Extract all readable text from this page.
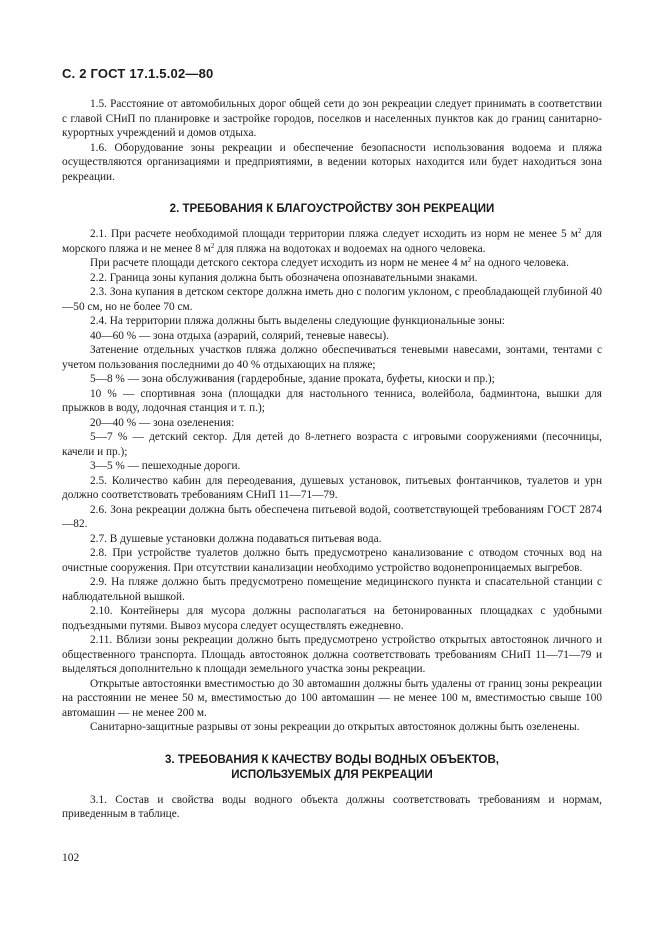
С. 2 ГОСТ 17.1.5.02—80

1.5. Расстояние от автомобильных дорог общей сети до зон рекреации следует принимать в соответствии с главой СНиП по планировке и застройке городов, поселков и населенных пунктов как до границ санитарно-курортных учреждений и домов отдыха.

1.6. Оборудование зоны рекреации и обеспечение безопасности использования водоема и пляжа осуществляются организациями и предприятиями, в ведении которых находится или будет находиться зона рекреации.

2. ТРЕБОВАНИЯ К БЛАГОУСТРОЙСТВУ ЗОН РЕКРЕАЦИИ

2.1. При расчете необходимой площади территории пляжа следует исходить из норм не менее 5 $м^2$ для морского пляжа и не менее 8 $м^2$ для пляжа на водотоках и водоемах на одного человека.

При расчете площади детского сектора следует исходить из норм не менее 4 $м^2$ на одного человека.

2.2. Граница зоны купания должна быть обозначена опознавательными знаками.

2.3. Зона купания в детском секторе должна иметь дно с пологим уклоном, с преобладающей глубиной 40—50 см, но не более 70 см.

2.4. На территории пляжа должны быть выделены следующие функциональные зоны:

40—60 % — зона отдыха (аэрарий, солярий, теневые навесы).

Затенение отдельных участков пляжа должно обеспечиваться теневыми навесами, зонтами, тентами с учетом пользования последними до 40 % отдыхающих на пляже;

5—8 % — зона обслуживания (гардеробные, здание проката, буфеты, киоски и пр.);

10 % — спортивная зона (площадки для настольного тенниса, волейбола, бадминтона, вышки для прыжков в воду, лодочная станция и т. п.);

20—40 % — зона озеленения:

5—7 % — детский сектор. Для детей до 8-летнего возраста с игровыми сооружениями (песочницы, качели и пр.);

3—5 % — пешеходные дороги.

2.5. Количество кабин для переодевания, душевых установок, питьевых фонтанчиков, туалетов и урн должно соответствовать требованиям СНиП 11—71—79.

2.6. Зона рекреации должна быть обеспечена питьевой водой, соответствующей требованиям ГОСТ 2874—82.

2.7. В душевые установки должна подаваться питьевая вода.

2.8. При устройстве туалетов должно быть предусмотрено канализование с отводом сточных вод на очистные сооружения. При отсутствии канализации необходимо устройство водонепроницаемых выгребов.

2.9. На пляже должно быть предусмотрено помещение медицинского пункта и спасательной станции с наблюдательной вышкой.

2.10. Контейнеры для мусора должны располагаться на бетонированных площадках с удобными подъездными путями. Вывоз мусора следует осуществлять ежедневно.

2.11. Вблизи зоны рекреации должно быть предусмотрено устройство открытых автостоянок личного и общественного транспорта. Площадь автостоянок должна соответствовать требованиям СНиП 11—71—79 и выделяться дополнительно к площади земельного участка зоны рекреации.

Открытые автостоянки вместимостью до 30 автомашин должны быть удалены от границ зоны рекреации на расстоянии не менее 50 м, вместимостью до 100 автомашин — не менее 100 м, вместимостью свыше 100 автомашин — не менее 200 м.

Санитарно-защитные разрывы от зоны рекреации до открытых автостоянок должны быть озеленены.

3. ТРЕБОВАНИЯ К КАЧЕСТВУ ВОДЫ ВОДНЫХ ОБЪЕКТОВ,

ИСПОЛЬЗУЕМЫХ ДЛЯ РЕКРЕАЦИИ

3.1. Состав и свойства воды водного объекта должны соответствовать требованиям и нормам, приведенным в таблице.

102
